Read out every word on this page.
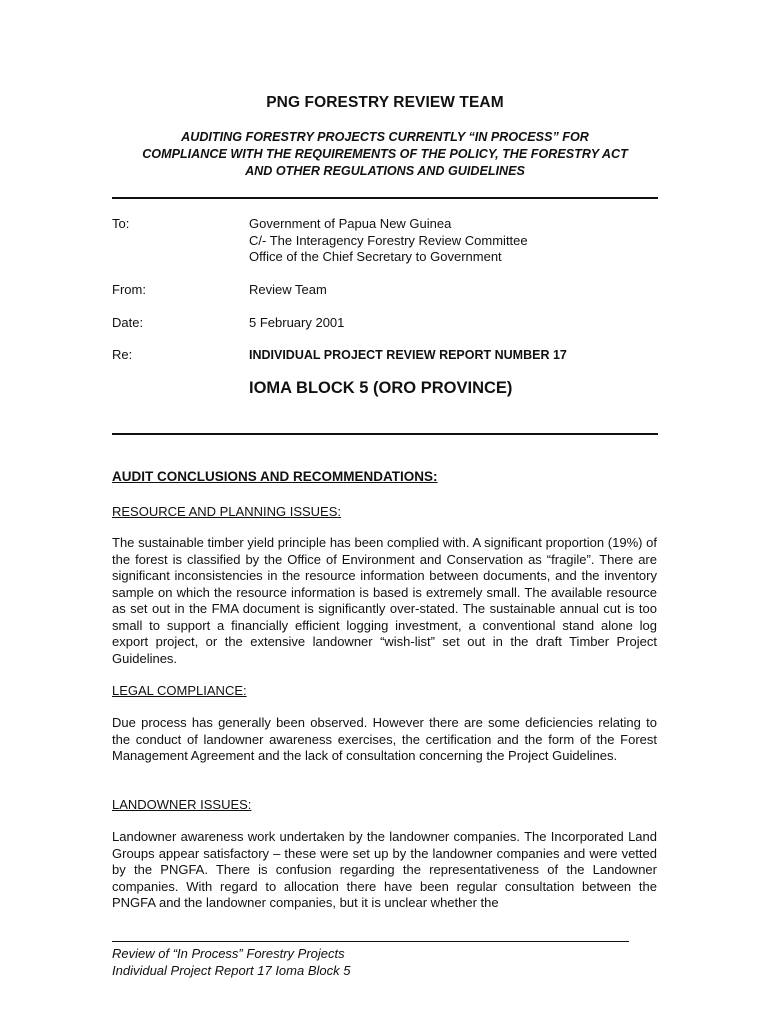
PNG FORESTRY REVIEW TEAM
AUDITING FORESTRY PROJECTS CURRENTLY “IN PROCESS” FOR
COMPLIANCE WITH THE REQUIREMENTS OF THE POLICY, THE FORESTRY ACT
AND OTHER REGULATIONS AND GUIDELINES
To:	Government of Papua New Guinea
C/- The Interagency Forestry Review Committee
Office of the Chief Secretary to Government
From:	Review Team
Date:	5 February 2001
Re:	INDIVIDUAL PROJECT REVIEW REPORT NUMBER 17
IOMA BLOCK 5 (ORO PROVINCE)
AUDIT CONCLUSIONS AND RECOMMENDATIONS:
RESOURCE AND PLANNING ISSUES:
The sustainable timber yield principle has been complied with. A significant proportion (19%) of the forest is classified by the Office of Environment and Conservation as “fragile”. There are significant inconsistencies in the resource information between documents, and the inventory sample on which the resource information is based is extremely small. The available resource as set out in the FMA document is significantly over-stated. The sustainable annual cut is too small to support a financially efficient logging investment, a conventional stand alone log export project, or the extensive landowner “wish-list” set out in the draft Timber Project Guidelines.
LEGAL COMPLIANCE:
Due process has generally been observed. However there are some deficiencies relating to the conduct of landowner awareness exercises, the certification and the form of the Forest Management Agreement and the lack of consultation concerning the Project Guidelines.
LANDOWNER ISSUES:
Landowner awareness work undertaken by the landowner companies. The Incorporated Land Groups appear satisfactory – these were set up by the landowner companies and were vetted by the PNGFA. There is confusion regarding the representativeness of the Landowner companies. With regard to allocation there have been regular consultation between the PNGFA and the landowner companies, but it is unclear whether the
Review of “In Process” Forestry Projects
Individual Project Report 17 Ioma Block 5
